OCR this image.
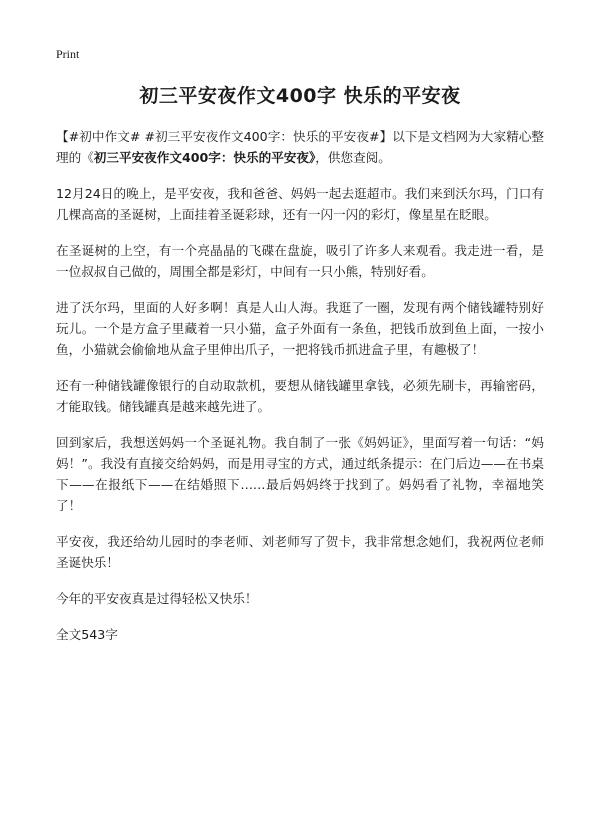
Print
初三平安夜作文400字 快乐的平安夜

【#初中作文# #初三平安夜作文400字：快乐的平安夜#】以下是文档网为大家精心整理的《初三平安夜作文400字：快乐的平安夜》，供您查阅。

12月24日的晚上，是平安夜，我和爸爸、妈妈一起去逛超市。我们来到沃尔玛，门口有几棵高高的圣诞树，上面挂着圣诞彩球，还有一闪一闪的彩灯，像星星在眨眼。

在圣诞树的上空，有一个亮晶晶的飞碟在盘旋，吸引了许多人来观看。我走进一看，是一位叔叔自己做的，周围全都是彩灯，中间有一只小熊，特别好看。

进了沃尔玛，里面的人好多啊！真是人山人海。我逛了一圈，发现有两个储钱罐特别好玩儿。一个是方盒子里藏着一只小猫，盒子外面有一条鱼，把钱币放到鱼上面，一按小鱼，小猫就会偷偷地从盒子里伸出爪子，一把将钱币抓进盒子里，有趣极了！

还有一种储钱罐像银行的自动取款机，要想从储钱罐里拿钱，必须先刷卡，再输密码，才能取钱。储钱罐真是越来越先进了。

回到家后，我想送妈妈一个圣诞礼物。我自制了一张《妈妈证》，里面写着一句话：“妈妈！”。我没有直接交给妈妈，而是用寻宝的方式，通过纸条提示：在门后边——在书桌下——在报纸下——在结婚照下……最后妈妈终于找到了。妈妈看了礼物，幸福地笑了！

平安夜，我还给幼儿园时的李老师、刘老师写了贺卡，我非常想念她们，我祝两位老师圣诞快乐！

今年的平安夜真是过得轻松又快乐！

全文543字
